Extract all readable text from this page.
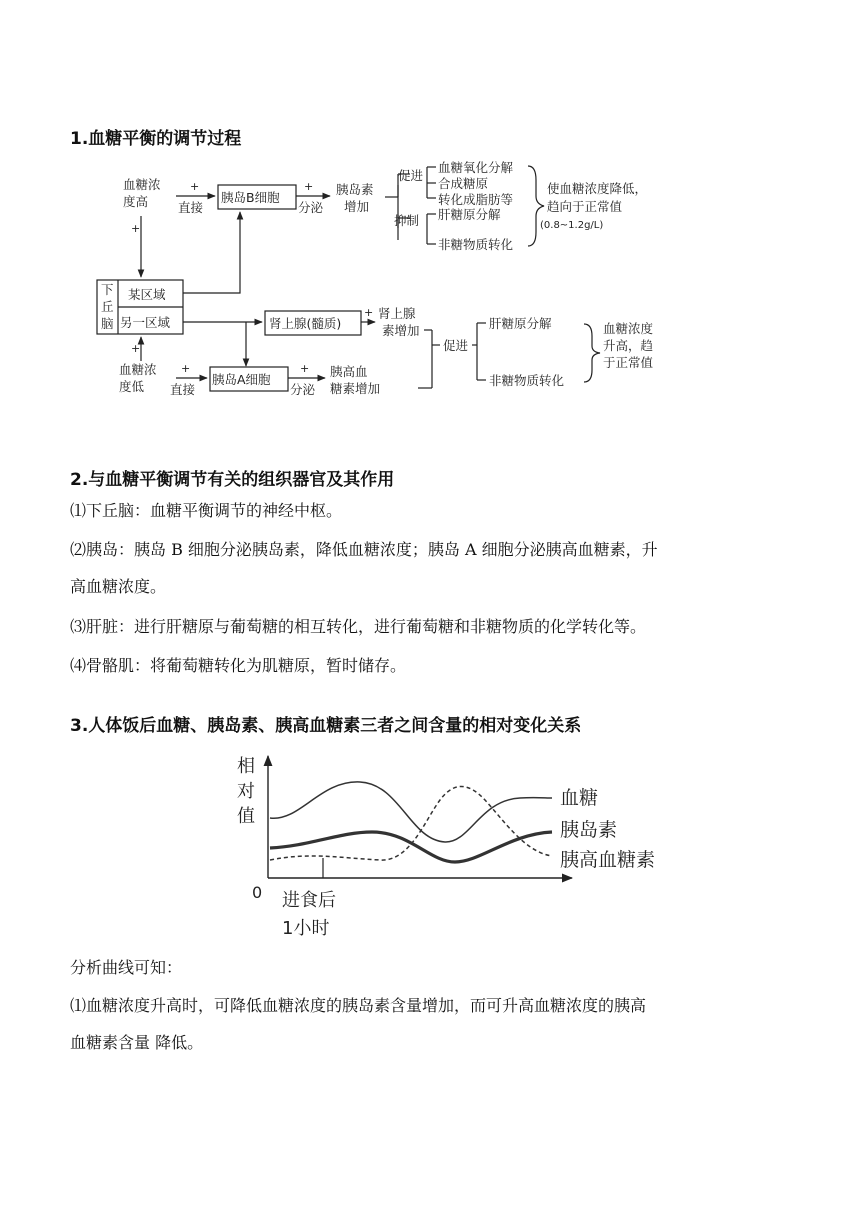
1.血糖平衡的调节过程
血糖浓
度高
+
直接
胰岛B细胞
+
分泌
胰岛素
增加
促进
抑制
血糖氧化分解
合成糖原
转化成脂肪等
肝糖原分解
非糖物质转化
使血糖浓度降低，
趋向于正常值
(0.8~1.2g/L)
+
下
丘
脑
某区域
另一区域	肾上腺(髓质)
+ 肾上腺
素增加
促进
肝糖原分解
非糖物质转化
血糖浓度
升高，趋
于正常值
+
血糖浓
度低
+
直接
胰岛A细胞
+
分泌
胰高血
糖素增加
2.与血糖平衡调节有关的组织器官及其作用
⑴下丘脑：血糖平衡调节的神经中枢。
⑵胰岛：胰岛 B 细胞分泌胰岛素，降低血糖浓度；胰岛 A 细胞分泌胰高血糖素，升
高血糖浓度。
⑶肝脏：进行肝糖原与葡萄糖的相互转化，进行葡萄糖和非糖物质的化学转化等。
⑷骨骼肌：将葡萄糖转化为肌糖原，暂时储存。
3.人体饭后血糖、胰岛素、胰高血糖素三者之间含量的相对变化关系
相
对
值
0 进食后
1小时
血糖
胰岛素
胰高血糖素
分析曲线可知：
⑴血糖浓度升高时，可降低血糖浓度的胰岛素含量增加，而可升高血糖浓度的胰高
血糖素含量 降低。
